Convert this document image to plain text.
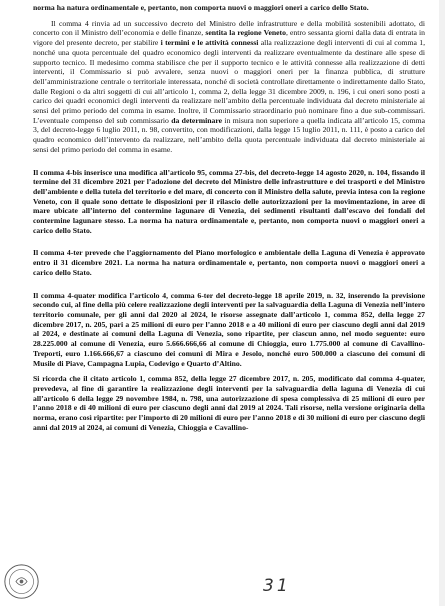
norma ha natura ordinamentale e, pertanto, non comporta nuovi o maggiori oneri a carico dello Stato.

Il comma 4 rinvia ad un successivo decreto del Ministro delle infrastrutture e della mobilità sostenibili adottato, di concerto con il Ministro dell’economia e delle finanze, sentita la regione Veneto, entro sessanta giorni dalla data di entrata in vigore del presente decreto, per stabilire i termini e le attività connessi alla realizzazione degli interventi di cui al comma 1, nonché una quota percentuale del quadro economico degli interventi da realizzare eventualmente da destinare alle spese di supporto tecnico. Il medesimo comma stabilisce che per il supporto tecnico e le attività connesse alla realizzazione di detti interventi, il Commissario si può avvalere, senza nuovi o maggiori oneri per la finanza pubblica, di strutture dell’amministrazione centrale o territoriale interessata, nonché di società controllate direttamente o indirettamente dallo Stato, dalle Regioni o da altri soggetti di cui all’articolo 1, comma 2, della legge 31 dicembre 2009, n. 196, i cui oneri sono posti a carico dei quadri economici degli interventi da realizzare nell’ambito della percentuale individuata dal decreto ministeriale ai sensi del primo periodo del comma in esame. Inoltre, il Commissario straordinario può nominare fino a due sub-commissari. L’eventuale compenso del sub commissario da determinare in misura non superiore a quella indicata all’articolo 15, comma 3, del decreto-legge 6 luglio 2011, n. 98, convertito, con modificazioni, dalla legge 15 luglio 2011, n. 111, è posto a carico del quadro economico dell’intervento da realizzare, nell’ambito della quota percentuale individuata dal decreto ministeriale ai sensi del primo periodo del comma in esame.

Il comma 4-bis inserisce una modifica all’articolo 95, comma 27-bis, del decreto-legge 14 agosto 2020, n. 104, fissando il termine del 31 dicembre 2021 per l’adozione del decreto del Ministro delle infrastrutture e dei trasporti e del Ministro dell’ambiente e della tutela del territorio e del mare, di concerto con il Ministro della salute, previa intesa con la regione Veneto, con il quale sono dettate le disposizioni per il rilascio delle autorizzazioni per la movimentazione, in aree di mare ubicate all’interno del conterminе lagunare di Venezia, dei sedimenti risultanti dall’escavo dei fondali del conterminе lagunare stesso. La norma ha natura ordinamentale e, pertanto, non comporta nuovi o maggiori oneri a carico dello Stato.

Il comma 4-ter prevede che l’aggiornamento del Piano morfologico e ambientale della Laguna di Venezia è approvato entro il 31 dicembre 2021. La norma ha natura ordinamentale e, pertanto, non comporta nuovi o maggiori oneri a carico dello Stato.

Il comma 4-quater modifica l’articolo 4, comma 6-ter del decreto-legge 18 aprile 2019, n. 32, inserendo la previsione secondo cui, al fine della più celere realizzazione degli interventi per la salvaguardia della Laguna di Venezia nell’intero territorio comunale, per gli anni dal 2020 al 2024, le risorse assegnate dall’articolo 1, comma 852, della legge 27 dicembre 2017, n. 205, pari a 25 milioni di euro per l’anno 2018 e a 40 milioni di euro per ciascuno degli anni dal 2019 al 2024, e destinate ai comuni della Laguna di Venezia, sono ripartite, per ciascun anno, nel modo seguente: euro 28.225.000 al comune di Venezia, euro 5.666.666,66 al comune di Chioggia, euro 1.775.000 al comune di Cavallino-Treporti, euro 1.166.666,67 a ciascuno dei comuni di Mira e Jesolo, nonché euro 500.000 a ciascuno dei comuni di Musile di Piave, Campagna Lupia, Codevigo e Quarto d’Altino.

Si ricorda che il citato articolo 1, comma 852, della legge 27 dicembre 2017, n. 205, modificato dal comma 4-quater, prevedeva, al fine di garantire la realizzazione degli interventi per la salvaguardia della laguna di Venezia di cui all’articolo 6 della legge 29 novembre 1984, n. 798, una autorizzazione di spesa complessiva di 25 milioni di euro per l’anno 2018 e di 40 milioni di euro per ciascuno degli anni dal 2019 al 2024. Tali risorse, nella versione originaria della norma, erano così ripartite: per l’importo di 20 milioni di euro per l’anno 2018 e di 30 milioni di euro per ciascuno degli anni dal 2019 al 2024, ai comuni di Venezia, Chioggia e Cavallino-

31
